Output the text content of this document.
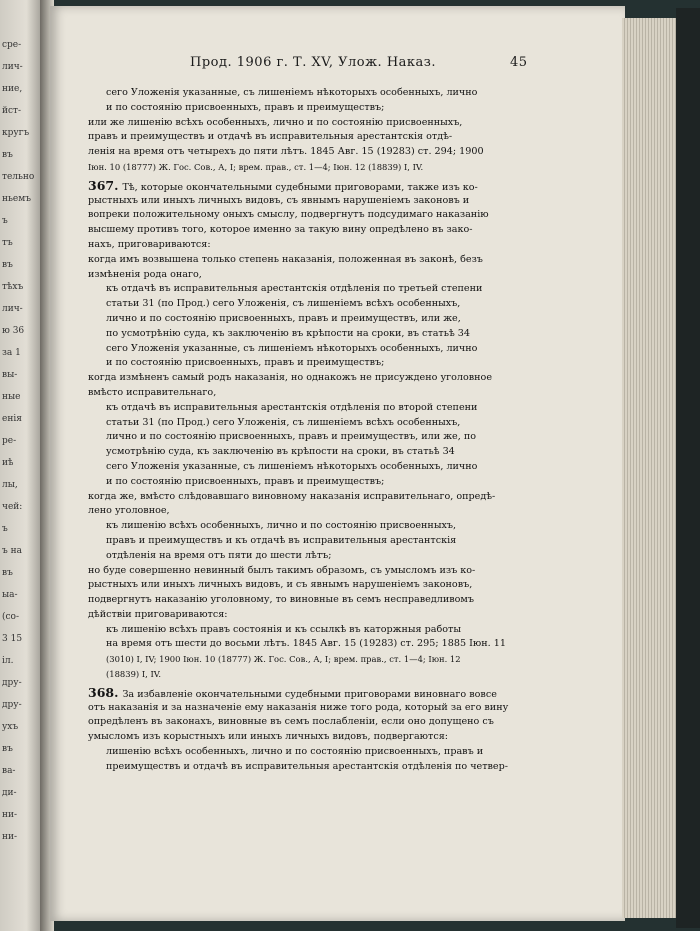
сре-
лич-
ние,
йст-
кругъ
въ
тельно
ньемъ
ъ
тъ
въ
тѣхъ
лич-
ю 36
за 1
вы-
ные
енія
ре-
иѣ
лы,
чей:
ъ
ъ на
въ
ыа-
(со-
3 15
іл.
дру-
дру-
ухъ
въ
ва-
ди-
ни-
ни-
Прод. 1906 г. Т. XV, Улож. Наказ.	45
сего Уложенія указанные, съ лишеніемъ нѣкоторыхъ особенныхъ, лично
и по состоянію присвоенныхъ, правъ и преимуществъ;
или же лишенію всѣхъ особенныхъ, лично и по состоянію присвоенныхъ,
правъ и преимуществъ и отдачѣ въ исправительныя арестантскія отдѣ-
ленія на время отъ четырехъ до пяти лѣтъ. 1845 Авг. 15 (19283) ст. 294; 1900
Іюн. 10 (18777) Ж. Гос. Сов., А, I; врем. прав., ст. 1—4; Іюн. 12 (18839) I, IV.
367. Тѣ, которые окончательными судебными приговорами, также изъ ко-
рыстныхъ или иныхъ личныхъ видовъ, съ явнымъ нарушеніемъ законовъ и
вопреки положительному оныхъ смыслу, подвергнутъ подсудимаго наказанію
высшему противъ того, которое именно за такую вину опредѣлено въ зако-
нахъ, приговариваются:
когда имъ возвышена только степень наказанія, положенная въ законѣ, безъ
измѣненія рода онаго,
къ отдачѣ въ исправительныя арестантскія отдѣленія по третьей степени
статьи 31 (по Прод.) сего Уложенія, съ лишеніемъ всѣхъ особенныхъ,
лично и по состоянію присвоенныхъ, правъ и преимуществъ, или же,
по усмотрѣнію суда, къ заключенію въ крѣпости на сроки, въ статьѣ 34
сего Уложенія указанные, съ лишеніемъ нѣкоторыхъ особенныхъ, лично
и по состоянію присвоенныхъ, правъ и преимуществъ;
когда измѣненъ самый родъ наказанія, но однакожъ не присуждено уголовное
вмѣсто исправительнаго,
къ отдачѣ въ исправительныя арестантскія отдѣленія по второй степени
статьи 31 (по Прод.) сего Уложенія, съ лишеніемъ всѣхъ особенныхъ,
лично и по состоянію присвоенныхъ, правъ и преимуществъ, или же, по
усмотрѣнію суда, къ заключенію въ крѣпости на сроки, въ статьѣ 34
сего Уложенія указанные, съ лишеніемъ нѣкоторыхъ особенныхъ, лично
и по состоянію присвоенныхъ, правъ и преимуществъ;
когда же, вмѣсто слѣдовавшаго виновному наказанія исправительнаго, опредѣ-
лено уголовное,
къ лишенію всѣхъ особенныхъ, лично и по состоянію присвоенныхъ,
правъ и преимуществъ и къ отдачѣ въ исправительныя арестантскія
отдѣленія на время отъ пяти до шести лѣтъ;
но буде совершенно невинный былъ такимъ образомъ, съ умысломъ изъ ко-
рыстныхъ или иныхъ личныхъ видовъ, и съ явнымъ нарушеніемъ законовъ,
подвергнутъ наказанію уголовному, то виновные въ семъ несправедливомъ
дѣйствіи приговариваются:
къ лишенію всѣхъ правъ состоянія и къ ссылкѣ въ каторжныя работы
на время отъ шести до восьми лѣтъ. 1845 Авг. 15 (19283) ст. 295; 1885 Іюн. 11
(3010) I, IV; 1900 Іюн. 10 (18777) Ж. Гос. Сов., А, I; врем. прав., ст. 1—4; Іюн. 12
(18839) I, IV.
368. За избавленіе окончательными судебными приговорами виновнаго вовсе
отъ наказанія и за назначеніе ему наказанія ниже того рода, который за его вину
опредѣленъ въ законахъ, виновные въ семъ послабленіи, если оно допущено съ
умысломъ изъ корыстныхъ или иныхъ личныхъ видовъ, подвергаются:
лишенію всѣхъ особенныхъ, лично и по состоянію присвоенныхъ, правъ и
преимуществъ и отдачѣ въ исправительныя арестантскія отдѣленія по четвер-
